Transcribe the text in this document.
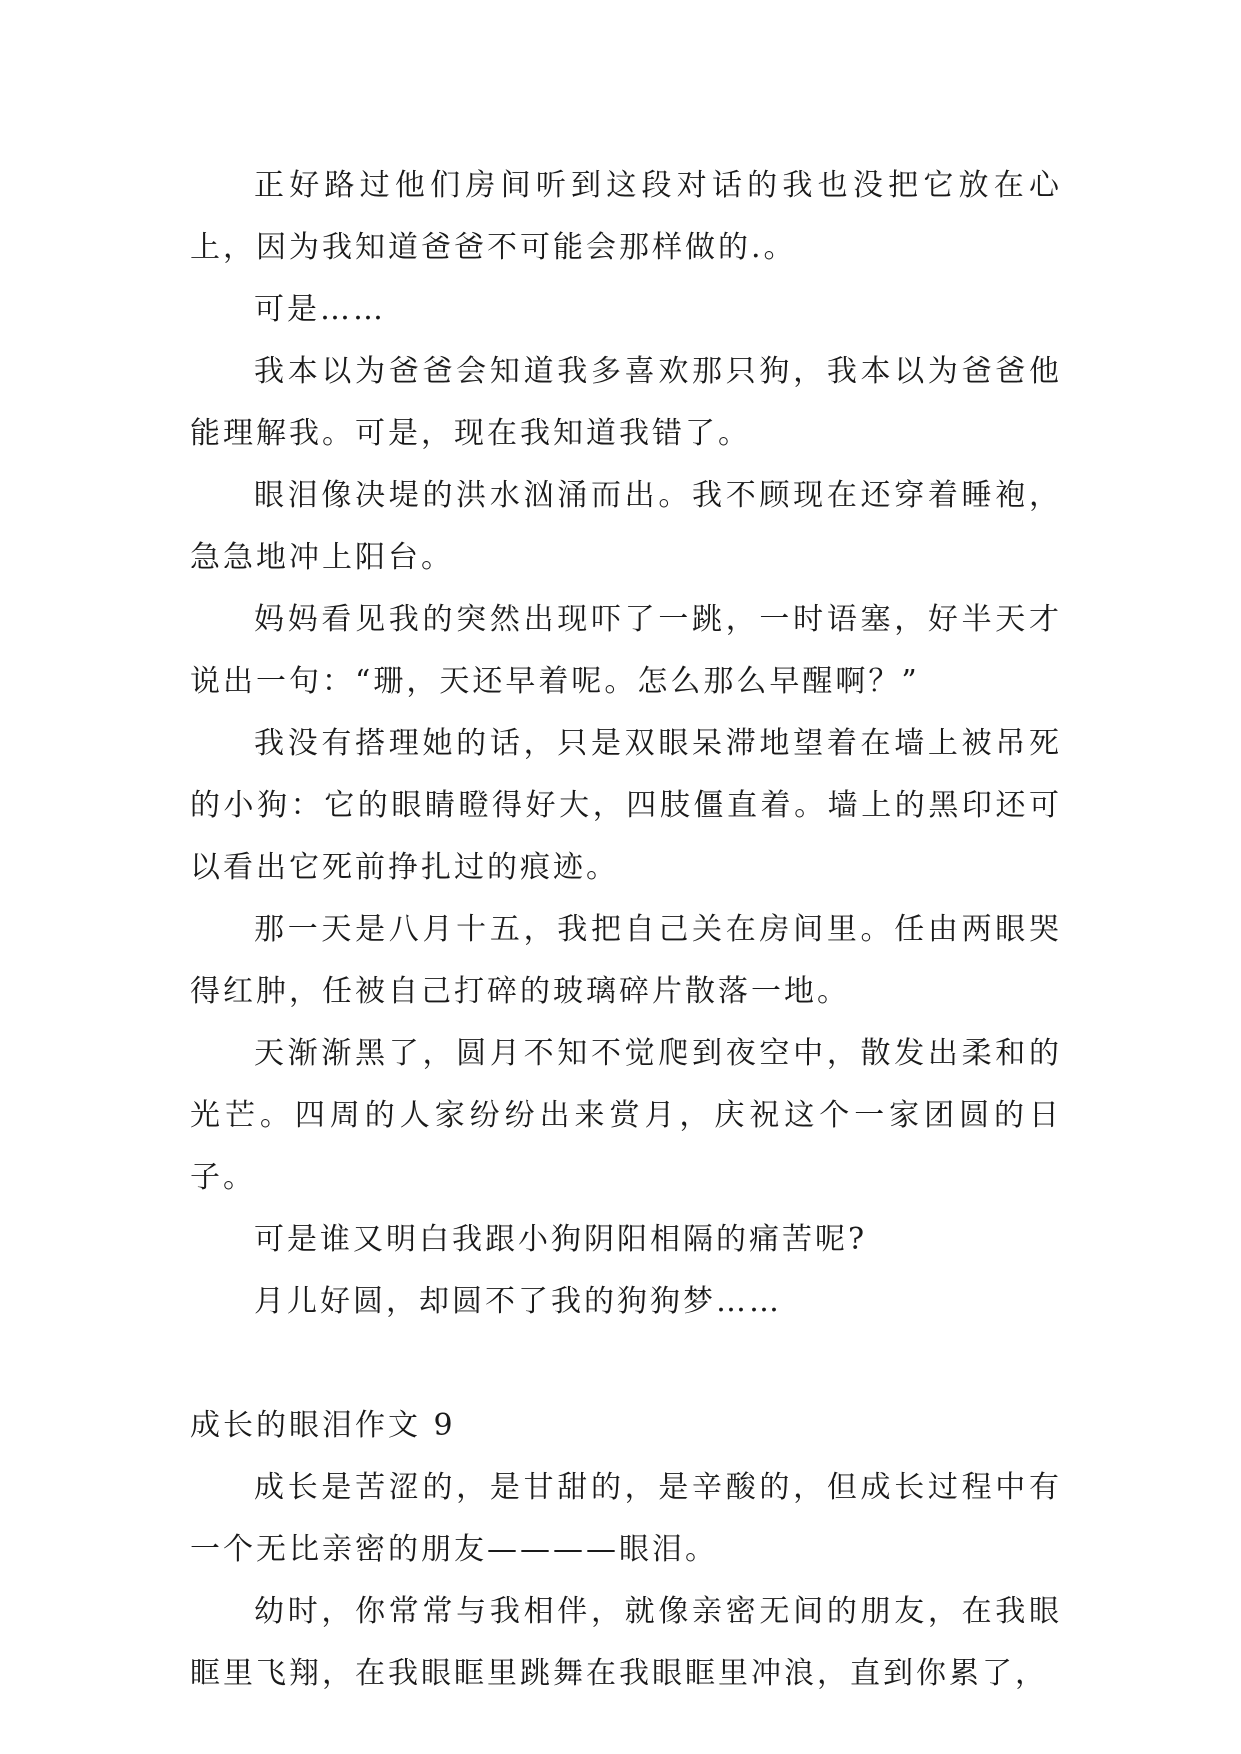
正好路过他们房间听到这段对话的我也没把它放在心上，因为我知道爸爸不可能会那样做的.。

可是……

我本以为爸爸会知道我多喜欢那只狗，我本以为爸爸他能理解我。可是，现在我知道我错了。

眼泪像决堤的洪水汹涌而出。我不顾现在还穿着睡袍，急急地冲上阳台。

妈妈看见我的突然出现吓了一跳，一时语塞，好半天才说出一句：“珊，天还早着呢。怎么那么早醒啊？”

我没有搭理她的话，只是双眼呆滞地望着在墙上被吊死的小狗：它的眼睛瞪得好大，四肢僵直着。墙上的黑印还可以看出它死前挣扎过的痕迹。

那一天是八月十五，我把自己关在房间里。任由两眼哭得红肿，任被自己打碎的玻璃碎片散落一地。

天渐渐黑了，圆月不知不觉爬到夜空中，散发出柔和的光芒。四周的人家纷纷出来赏月，庆祝这个一家团圆的日子。

可是谁又明白我跟小狗阴阳相隔的痛苦呢?

月儿好圆，却圆不了我的狗狗梦……

成长的眼泪作文 9

成长是苦涩的，是甘甜的，是辛酸的，但成长过程中有一个无比亲密的朋友————眼泪。

幼时，你常常与我相伴，就像亲密无间的朋友，在我眼眶里飞翔，在我眼眶里跳舞在我眼眶里冲浪，直到你累了，
